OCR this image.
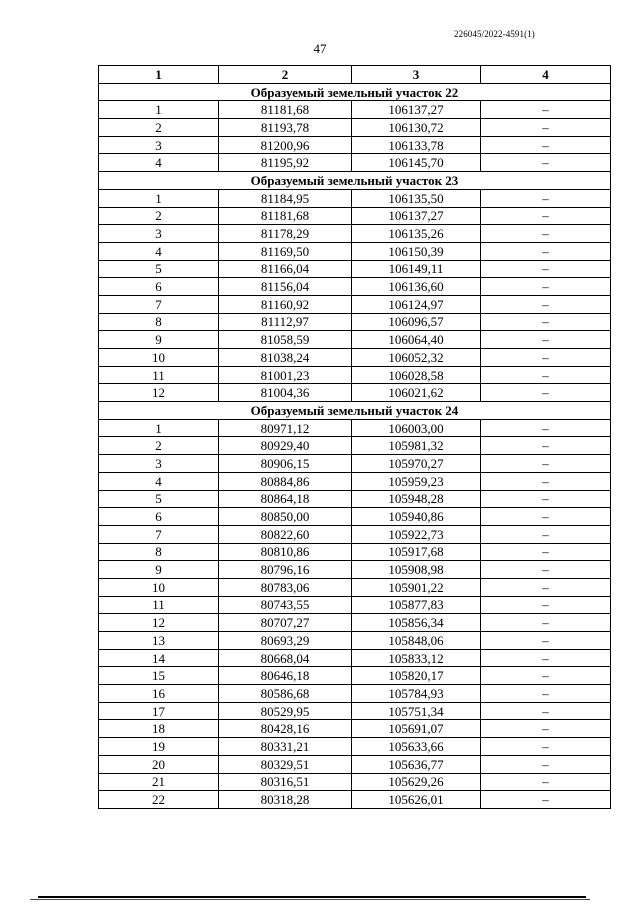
226045/2022-4591(1)
47
1	2	3	4
Образуемый земельный участок 22			
1	81181,68	106137,27	–
2	81193,78	106130,72	–
3	81200,96	106133,78	–
4	81195,92	106145,70	–
Образуемый земельный участок 23			
1	81184,95	106135,50	–
2	81181,68	106137,27	–
3	81178,29	106135,26	–
4	81169,50	106150,39	–
5	81166,04	106149,11	–
6	81156,04	106136,60	–
7	81160,92	106124,97	–
8	81112,97	106096,57	–
9	81058,59	106064,40	–
10	81038,24	106052,32	–
11	81001,23	106028,58	–
12	81004,36	106021,62	–
Образуемый земельный участок 24			
1	80971,12	106003,00	–
2	80929,40	105981,32	–
3	80906,15	105970,27	–
4	80884,86	105959,23	–
5	80864,18	105948,28	–
6	80850,00	105940,86	–
7	80822,60	105922,73	–
8	80810,86	105917,68	–
9	80796,16	105908,98	–
10	80783,06	105901,22	–
11	80743,55	105877,83	–
12	80707,27	105856,34	–
13	80693,29	105848,06	–
14	80668,04	105833,12	–
15	80646,18	105820,17	–
16	80586,68	105784,93	–
17	80529,95	105751,34	–
18	80428,16	105691,07	–
19	80331,21	105633,66	–
20	80329,51	105636,77	–
21	80316,51	105629,26	–
22	80318,28	105626,01	–
